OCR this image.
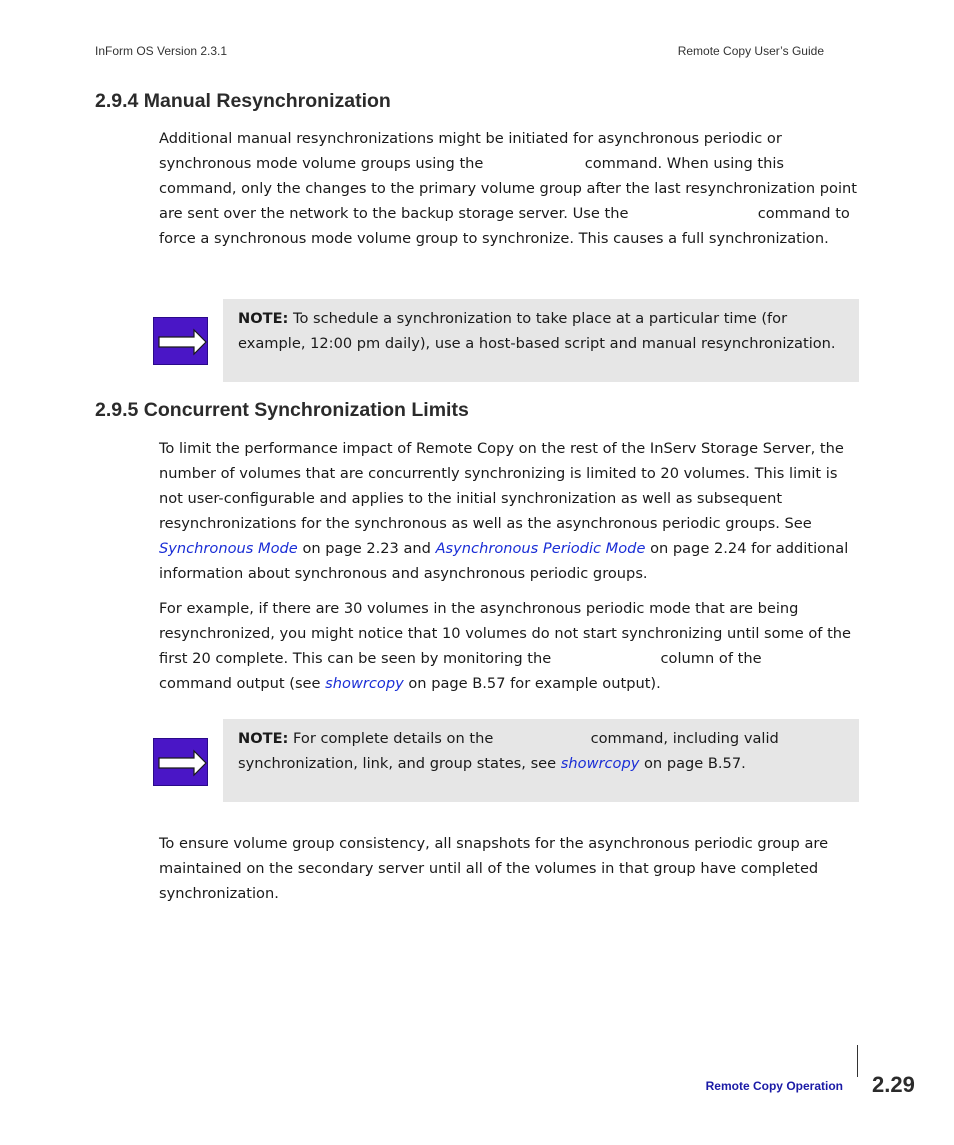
InForm OS Version 2.3.1	Remote Copy User’s Guide
2.9.4 Manual Resynchronization

Additional manual resynchronizations might be initiated for asynchronous periodic or synchronous mode volume groups using the	command. When using this command, only the changes to the primary volume group after the last resynchronization point are sent over the network to the backup storage server. Use the	command to force a synchronous mode volume group to synchronize. This causes a full synchronization.

NOTE: To schedule a synchronization to take place at a particular time (for example, 12:00 pm daily), use a host-based script and manual resynchronization.

2.9.5 Concurrent Synchronization Limits

To limit the performance impact of Remote Copy on the rest of the InServ Storage Server, the number of volumes that are concurrently synchronizing is limited to 20 volumes. This limit is not user-configurable and applies to the initial synchronization as well as subsequent resynchronizations for the synchronous as well as the asynchronous periodic groups. See Synchronous Mode on page 2.23 and Asynchronous Periodic Mode on page 2.24 for additional information about synchronous and asynchronous periodic groups.

For example, if there are 30 volumes in the asynchronous periodic mode that are being resynchronized, you might notice that 10 volumes do not start synchronizing until some of the first 20 complete. This can be seen by monitoring the	column of the  command output (see showrcopy on page B.57 for example output).

NOTE: For complete details on the	command, including valid synchronization, link, and group states, see showrcopy on page B.57.

To ensure volume group consistency, all snapshots for the asynchronous periodic group are maintained on the secondary server until all of the volumes in that group have completed synchronization.

Remote Copy Operation 2.29
